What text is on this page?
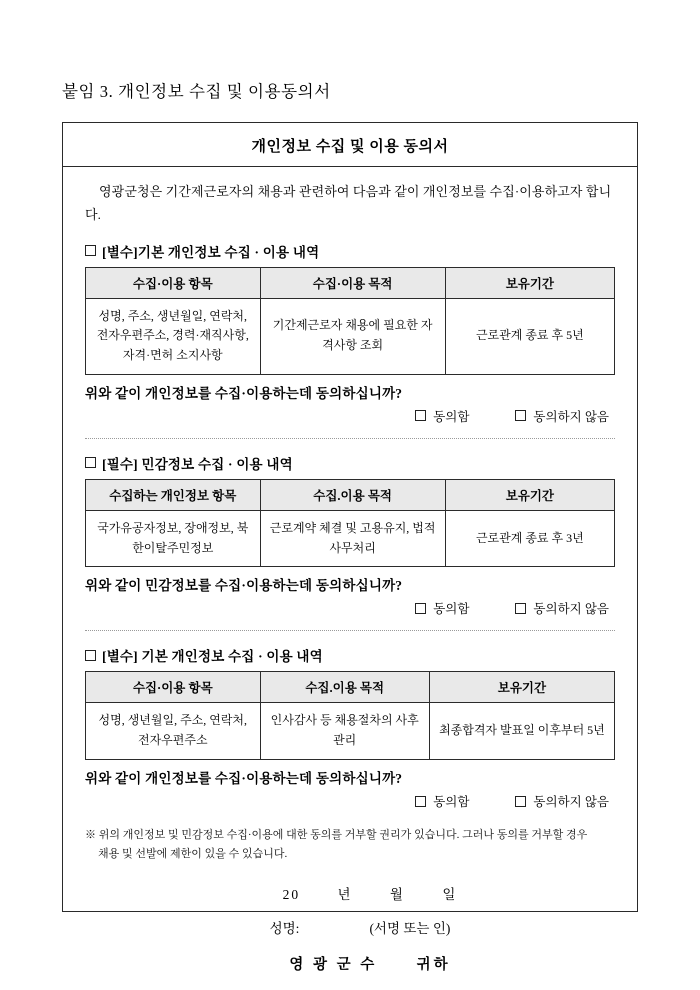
붙임 3. 개인정보 수집 및 이용동의서
개인정보 수집 및 이용 동의서
영광군청은 기간제근로자의 채용과 관련하여 다음과 같이 개인정보를 수집·이용하고자 합니다.
[별수]기본 개인정보 수집 · 이용 내역
수집·이용 항목	수집·이용 목적	보유기간
성명, 주소, 생년월일, 연락처, 전자우편주소, 경력·재직사항, 자격·면허 소지사항	기간제근로자 채용에 필요한 자격사항 조회	근로관계 종료 후 5년
위와 같이 개인정보를 수집·이용하는데 동의하십니까?
동의함	동의하지 않음
[필수] 민감정보 수집 · 이용 내역
수집하는 개인정보 항목	수집.이용 목적	보유기간
국가유공자정보, 장애정보, 북한이탈주민정보	근로계약 체결 및 고용유지, 법적사무처리	근로관계 종료 후 3년
위와 같이 민감정보를 수집·이용하는데 동의하십니까?
동의함	동의하지 않음
[별수] 기본 개인정보 수집 · 이용 내역
수집·이용 항목	수집.이용 목적	보유기간
성명, 생년월일, 주소, 연락처, 전자우편주소	인사감사 등 채용절차의 사후관리	최종합격자 발표일 이후부터 5년
위와 같이 개인정보를 수집·이용하는데 동의하십니까?
동의함	동의하지 않음
※ 위의 개인정보 및 민감정보 수집·이용에 대한 동의를 거부할 권리가 있습니다. 그러나 동의를 거부할 경우
채용 및 선발에 제한이 있을 수 있습니다.
20	년	월	일
성명:	(서명 또는 인)
영 광 군 수	귀하
